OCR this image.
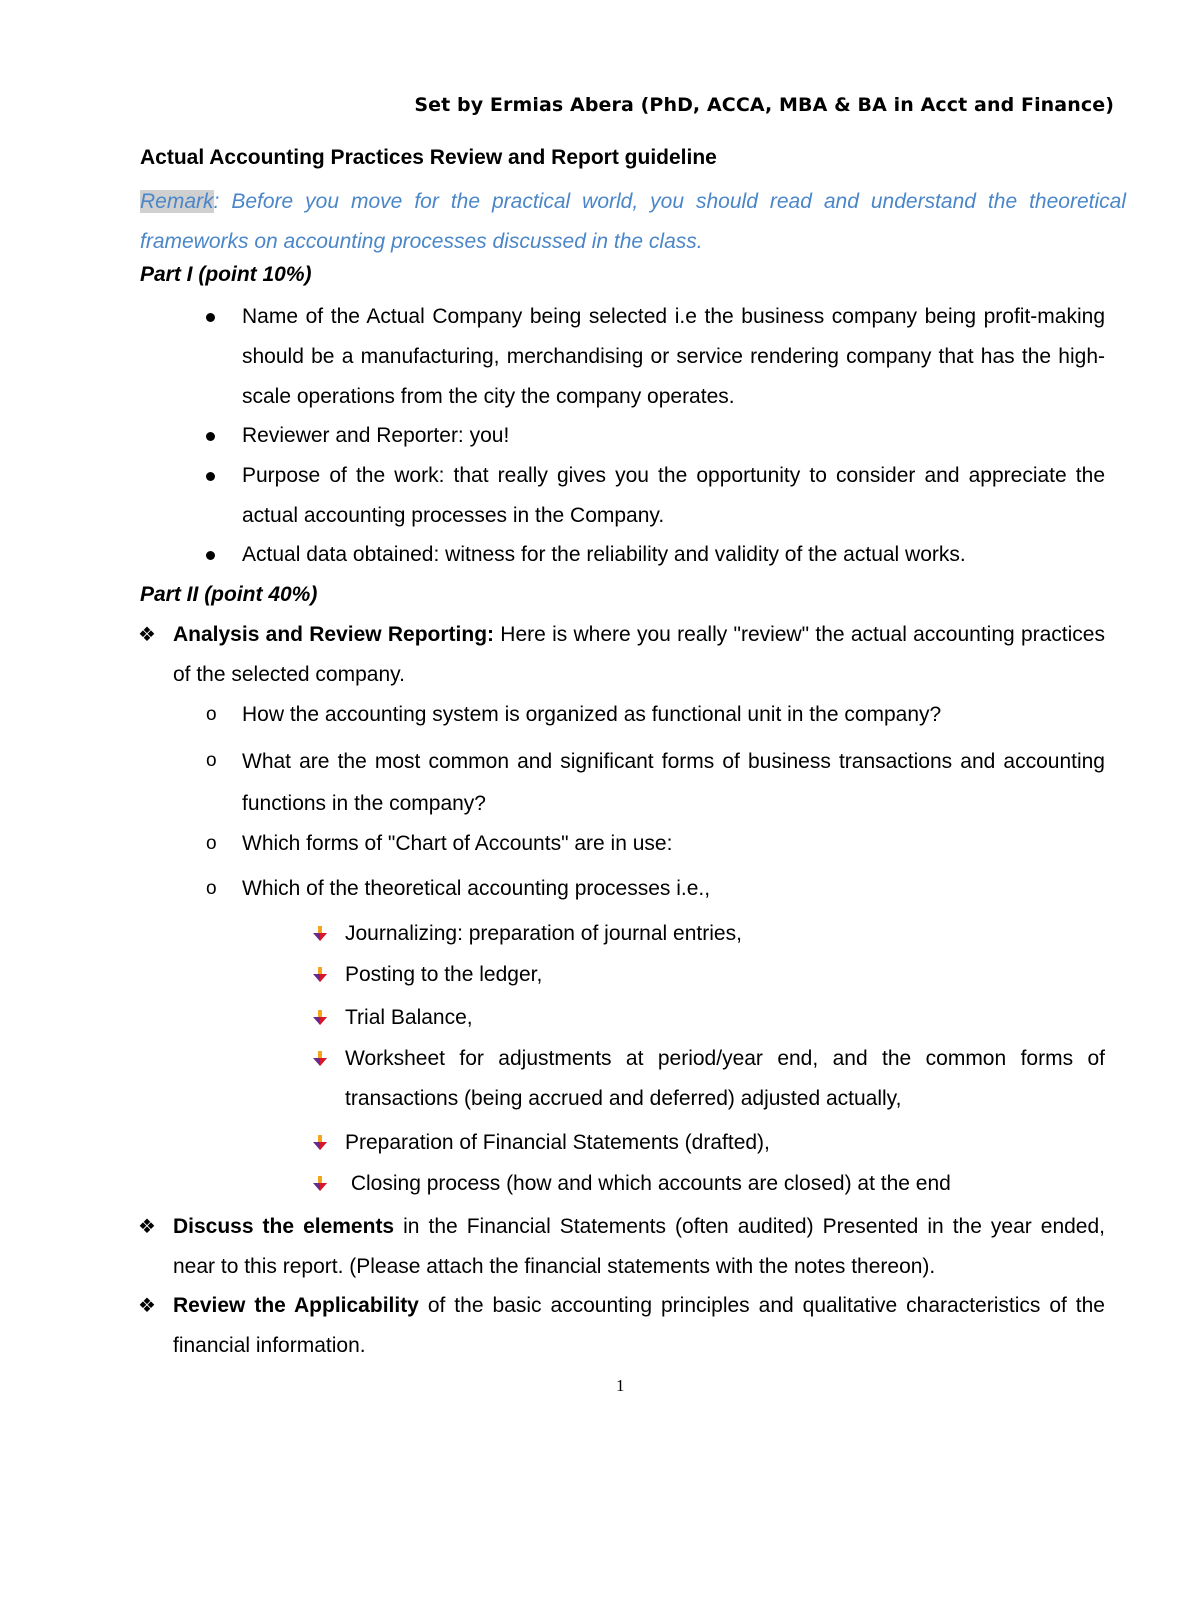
Set by Ermias Abera (PhD, ACCA, MBA & BA in Acct and Finance)
Actual Accounting Practices Review and Report guideline
Remark: Before you move for the practical world, you should read and understand the theoretical frameworks on accounting processes discussed in the class.
Part I (point 10%)
Name of the Actual Company being selected i.e the business company being profit-making should be a manufacturing, merchandising or service rendering company that has the high-scale operations from the city the company operates.
Reviewer and Reporter: you!
Purpose of the work: that really gives you the opportunity to consider and appreciate the actual accounting processes in the Company.
Actual data obtained: witness for the reliability and validity of the actual works.
Part II (point 40%)
❖ Analysis and Review Reporting: Here is where you really "review" the actual accounting practices of the selected company.
o How the accounting system is organized as functional unit in the company?
o What are the most common and significant forms of business transactions and accounting functions in the company?
o Which forms of "Chart of Accounts" are in use:
o Which of the theoretical accounting processes i.e.,
Journalizing: preparation of journal entries,
Posting to the ledger,
Trial Balance,
Worksheet for adjustments at period/year end, and the common forms of transactions (being accrued and deferred) adjusted actually,
Preparation of Financial Statements (drafted),
Closing process (how and which accounts are closed) at the end
❖ Discuss the elements in the Financial Statements (often audited) Presented in the year ended, near to this report. (Please attach the financial statements with the notes thereon).
❖ Review the Applicability of the basic accounting principles and qualitative characteristics of the financial information.
1
